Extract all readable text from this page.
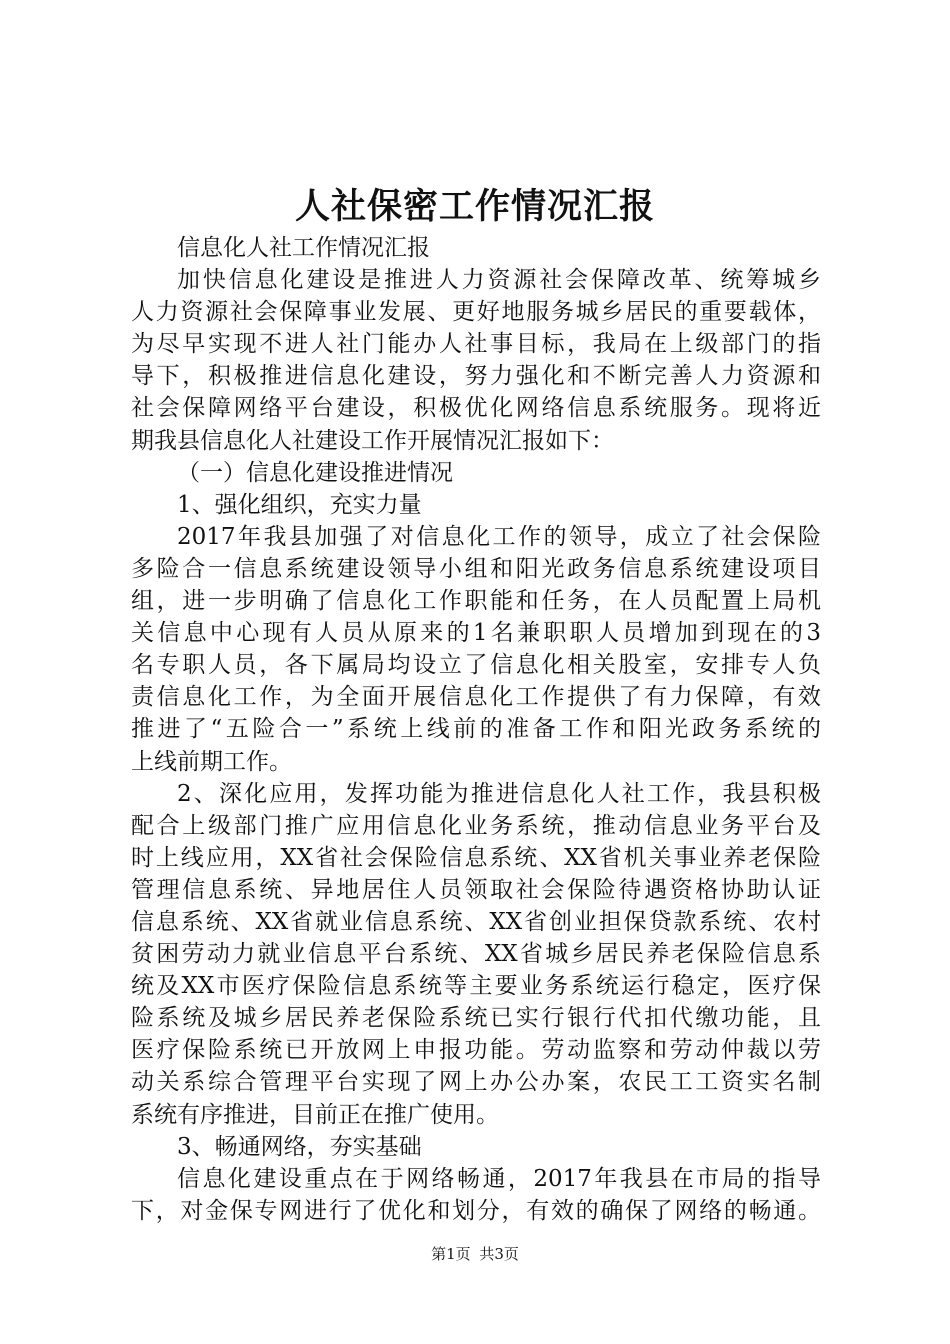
人社保密工作情况汇报
信息化人社工作情况汇报
加快信息化建设是推进人力资源社会保障改革、统筹城乡
人力资源社会保障事业发展、更好地服务城乡居民的重要载体，
为尽早实现不进人社门能办人社事目标，我局在上级部门的指
导下，积极推进信息化建设，努力强化和不断完善人力资源和
社会保障网络平台建设，积极优化网络信息系统服务。现将近
期我县信息化人社建设工作开展情况汇报如下：
（一）信息化建设推进情况
1、强化组织，充实力量
2017年我县加强了对信息化工作的领导，成立了社会保险
多险合一信息系统建设领导小组和阳光政务信息系统建设项目
组，进一步明确了信息化工作职能和任务，在人员配置上局机
关信息中心现有人员从原来的1名兼职职人员增加到现在的3
名专职人员，各下属局均设立了信息化相关股室，安排专人负
责信息化工作，为全面开展信息化工作提供了有力保障，有效
推进了“五险合一”系统上线前的准备工作和阳光政务系统的
上线前期工作。
2、深化应用，发挥功能为推进信息化人社工作，我县积极
配合上级部门推广应用信息化业务系统，推动信息业务平台及
时上线应用，XX省社会保险信息系统、XX省机关事业养老保险
管理信息系统、异地居住人员领取社会保险待遇资格协助认证
信息系统、XX省就业信息系统、XX省创业担保贷款系统、农村
贫困劳动力就业信息平台系统、XX省城乡居民养老保险信息系
统及XX市医疗保险信息系统等主要业务系统运行稳定，医疗保
险系统及城乡居民养老保险系统已实行银行代扣代缴功能，且
医疗保险系统已开放网上申报功能。劳动监察和劳动仲裁以劳
动关系综合管理平台实现了网上办公办案，农民工工资实名制
系统有序推进，目前正在推广使用。
3、畅通网络，夯实基础
信息化建设重点在于网络畅通，2017年我县在市局的指导
下，对金保专网进行了优化和划分，有效的确保了网络的畅通。
第1页 共3页
